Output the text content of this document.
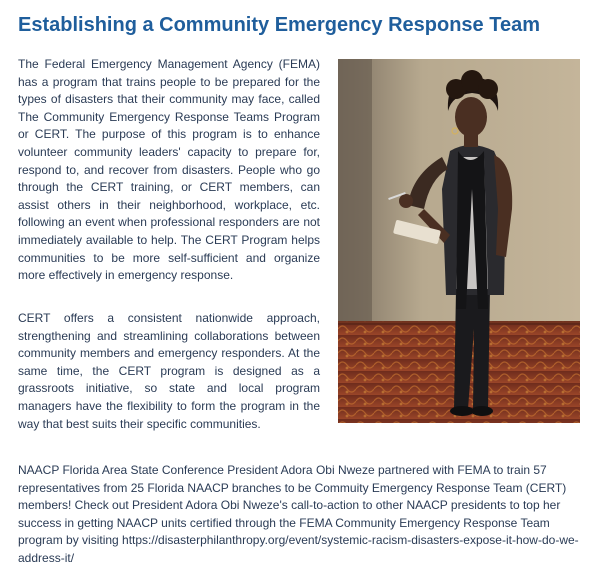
Establishing a Community Emergency Response Team

The Federal Emergency Management Agency (FEMA) has a program that trains people to be prepared for the types of disasters that their community may face, called The Community Emergency Response Teams Program or CERT. The purpose of this program is to enhance volunteer community leaders' capacity to prepare for, respond to, and recover from disasters. People who go through the CERT training, or CERT members, can assist others in their neighborhood, workplace, etc. following an event when professional responders are not immediately available to help. The CERT Program helps communities to be more self-sufficient and organize more effectively in emergency response.

CERT offers a consistent nationwide approach, strengthening and streamlining collaborations between community members and emergency responders. At the same time, the CERT program is designed as a grassroots initiative, so state and local program managers have the flexibility to form the program in the way that best suits their specific communities.

NAACP Florida Area State Conference President Adora Obi Nweze partnered with FEMA to train 57 representatives from 25 Florida NAACP branches to be Commuity Emergency Response Team (CERT) members! Check out President Adora Obi Nweze's call-to-action to other NAACP presidents to top her success in getting NAACP units certified through the FEMA Community Emergency Response Team program by visiting https://disasterphilanthropy.org/event/systemic-racism-disasters-expose-it-how-do-we-address-it/
